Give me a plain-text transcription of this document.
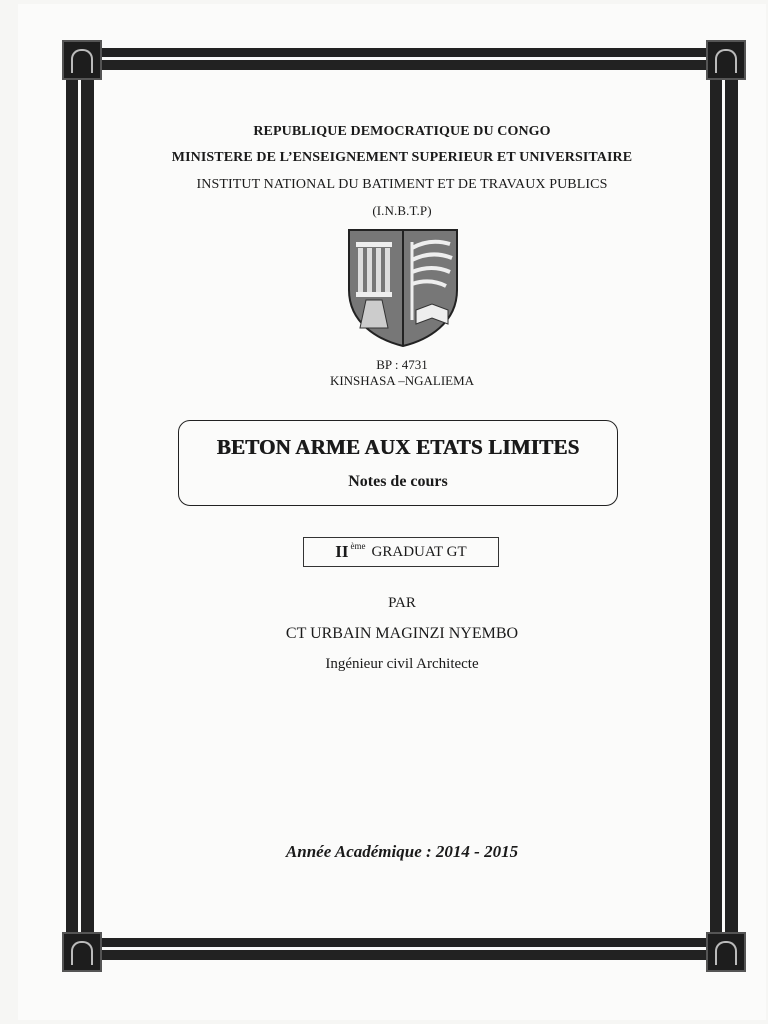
REPUBLIQUE DEMOCRATIQUE DU CONGO
MINISTERE DE L’ENSEIGNEMENT SUPERIEUR ET UNIVERSITAIRE
INSTITUT NATIONAL DU BATIMENT ET DE TRAVAUX PUBLICS
(I.N.B.T.P)
BP : 4731
KINSHASA –NGALIEMA
BETON ARME AUX ETATS LIMITES
Notes de cours
II ème GRADUAT GT
PAR
CT URBAIN MAGINZI NYEMBO
Ingénieur civil Architecte
Année Académique : 2014 - 2015
